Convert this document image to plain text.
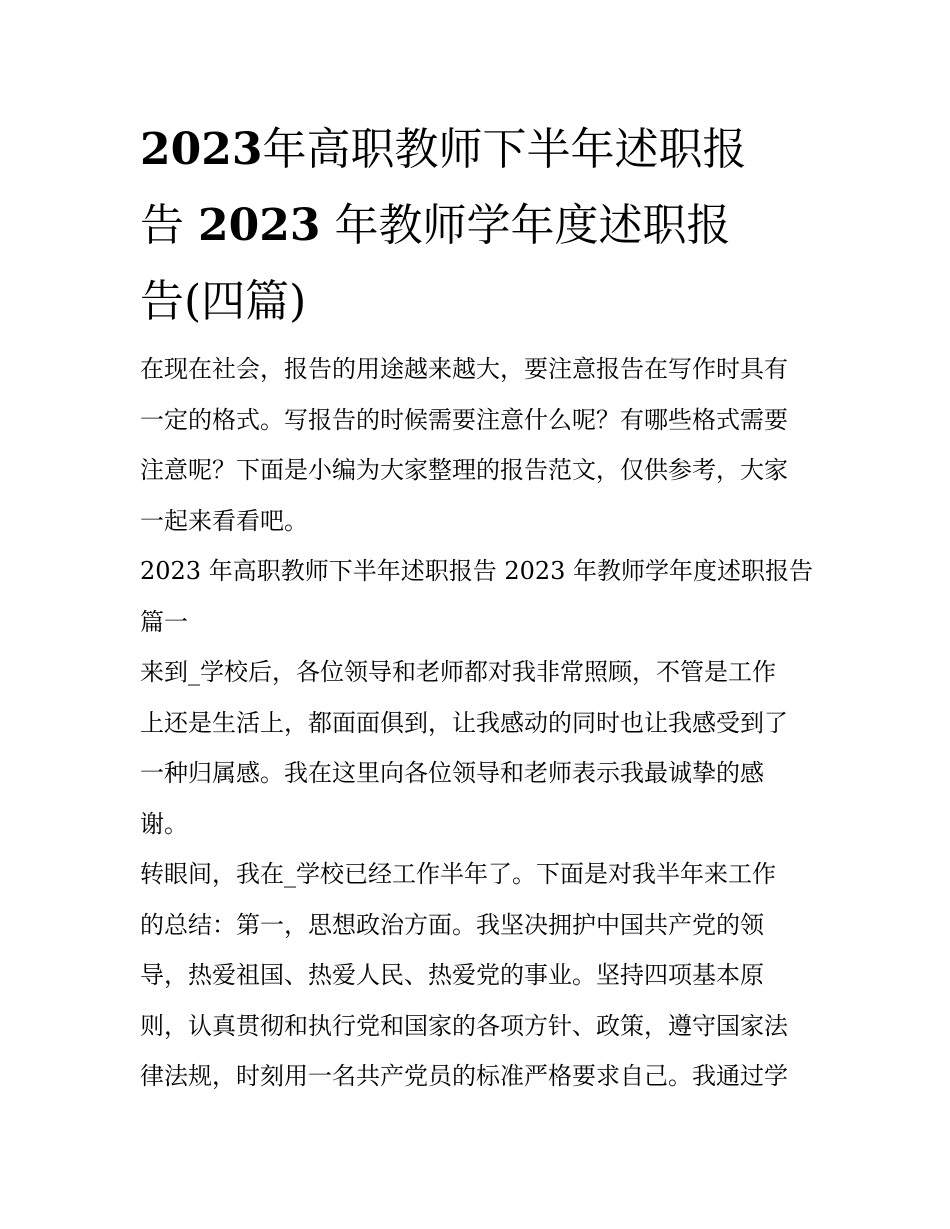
2023年高职教师下半年述职报
告 2023 年教师学年度述职报
告(四篇)

在现在社会，报告的用途越来越大，要注意报告在写作时具有
一定的格式。写报告的时候需要注意什么呢？有哪些格式需要
注意呢？下面是小编为大家整理的报告范文，仅供参考，大家
一起来看看吧。

2023 年高职教师下半年述职报告 2023 年教师学年度述职报告
篇一

来到_学校后，各位领导和老师都对我非常照顾，不管是工作
上还是生活上，都面面俱到，让我感动的同时也让我感受到了
一种归属感。我在这里向各位领导和老师表示我最诚挚的感
谢。

转眼间，我在_学校已经工作半年了。下面是对我半年来工作
的总结：第一，思想政治方面。我坚决拥护中国共产党的领
导，热爱祖国、热爱人民、热爱党的事业。坚持四项基本原
则，认真贯彻和执行党和国家的各项方针、政策，遵守国家法
律法规，时刻用一名共产党员的标准严格要求自己。我通过学
